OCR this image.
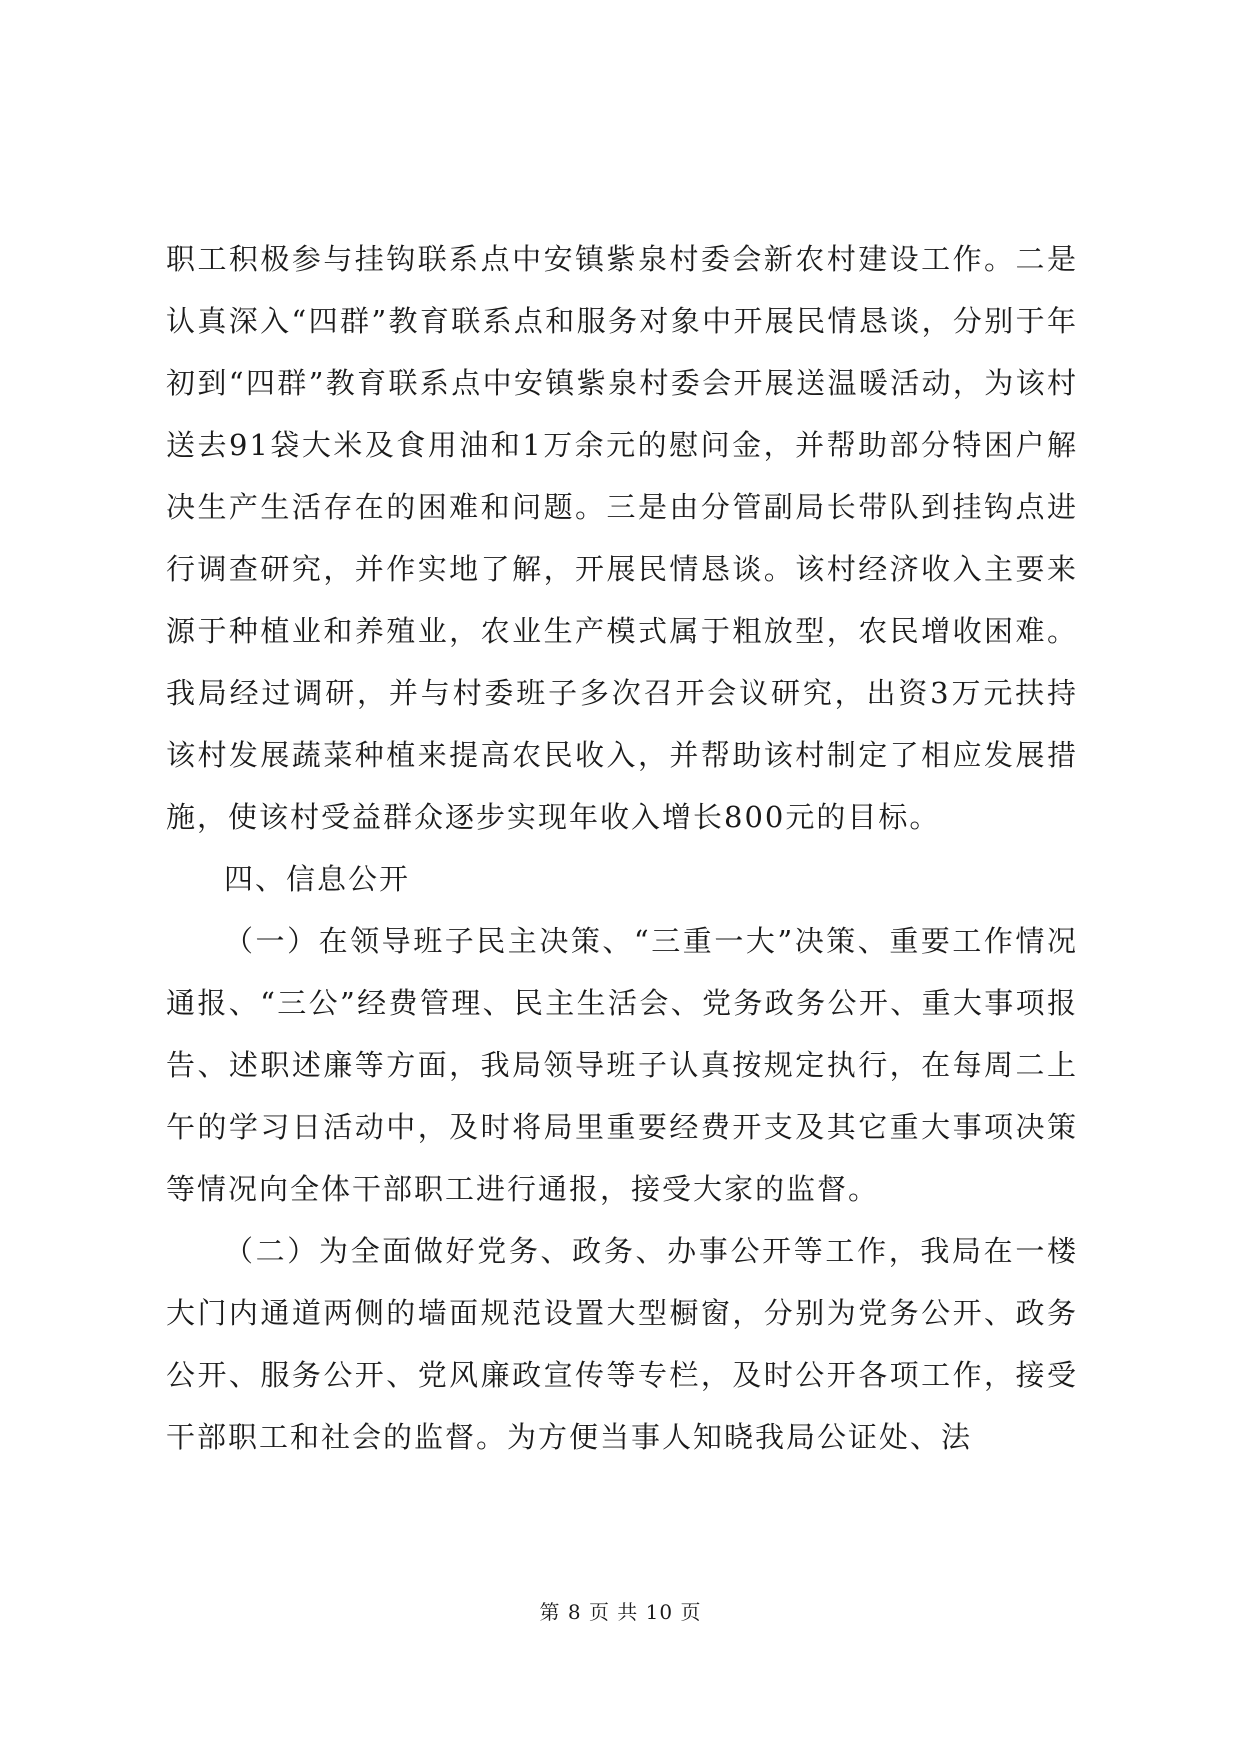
职工积极参与挂钩联系点中安镇紫泉村委会新农村建设工作。二是认真深入“四群”教育联系点和服务对象中开展民情恳谈，分别于年初到“四群”教育联系点中安镇紫泉村委会开展送温暖活动，为该村送去91袋大米及食用油和1万余元的慰问金，并帮助部分特困户解决生产生活存在的困难和问题。三是由分管副局长带队到挂钩点进行调查研究，并作实地了解，开展民情恳谈。该村经济收入主要来源于种植业和养殖业，农业生产模式属于粗放型，农民增收困难。我局经过调研，并与村委班子多次召开会议研究，出资3万元扶持该村发展蔬菜种植来提高农民收入，并帮助该村制定了相应发展措施，使该村受益群众逐步实现年收入增长800元的目标。

四、信息公开

（一）在领导班子民主决策、“三重一大”决策、重要工作情况通报、“三公”经费管理、民主生活会、党务政务公开、重大事项报告、述职述廉等方面，我局领导班子认真按规定执行，在每周二上午的学习日活动中，及时将局里重要经费开支及其它重大事项决策等情况向全体干部职工进行通报，接受大家的监督。

（二）为全面做好党务、政务、办事公开等工作，我局在一楼大门内通道两侧的墙面规范设置大型橱窗，分别为党务公开、政务公开、服务公开、党风廉政宣传等专栏，及时公开各项工作，接受干部职工和社会的监督。为方便当事人知晓我局公证处、法

第 8 页 共 10 页
